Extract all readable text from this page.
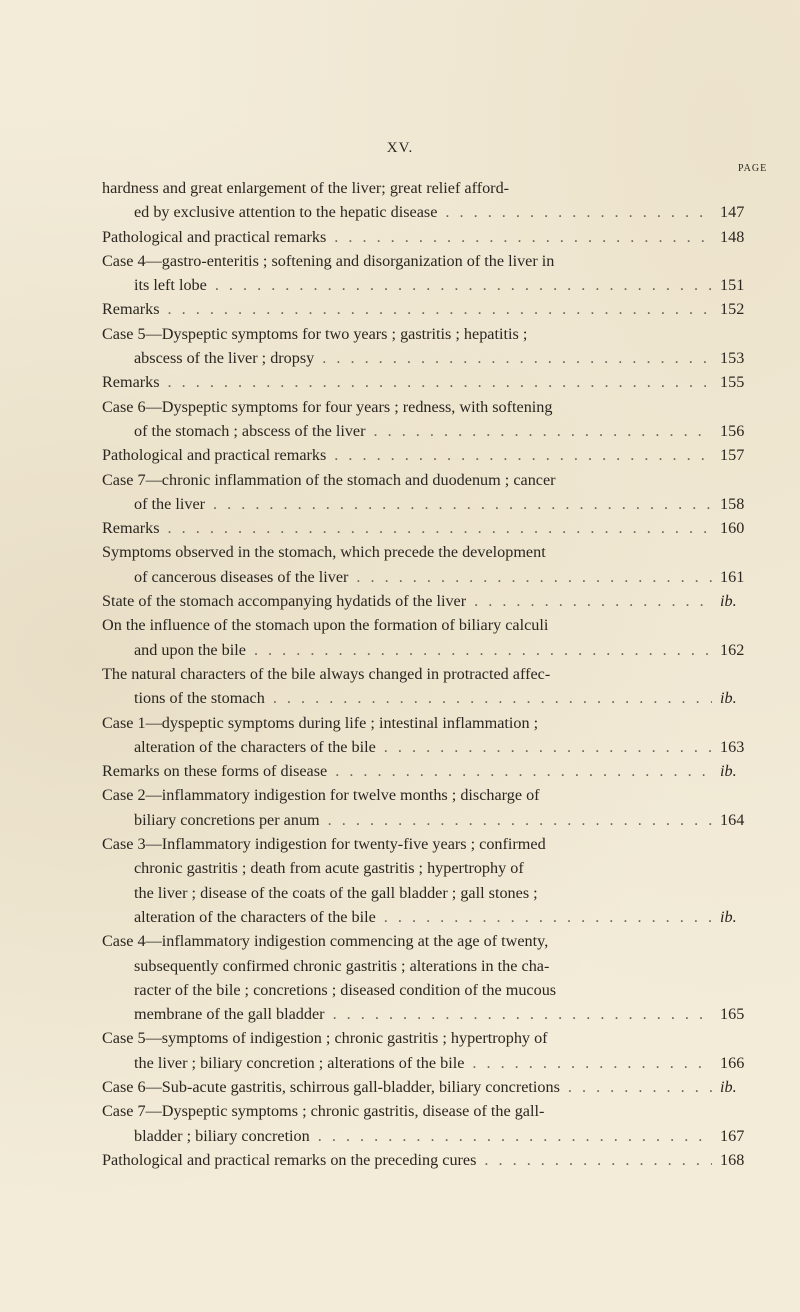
XV.
PAGE
hardness and great enlargement of the liver; great relief afford-
ed by exclusive attention to the hepatic disease . . .	147
Pathological and practical remarks . . .	148
Case 4—gastro-enteritis ; softening and disorganization of the liver in
its left lobe . . .	151
Remarks . . .	152
Case 5—Dyspeptic symptoms for two years ; gastritis ; hepatitis ;
abscess of the liver ; dropsy . . .	153
Remarks . . .	155
Case 6—Dyspeptic symptoms for four years ; redness, with softening
of the stomach ; abscess of the liver . . .	156
Pathological and practical remarks . . .	157
Case 7—chronic inflammation of the stomach and duodenum ; cancer
of the liver . . .	158
Remarks . . .	160
Symptoms observed in the stomach, which precede the development
of cancerous diseases of the liver . . .	161
State of the stomach accompanying hydatids of the liver . . .	ib.
On the influence of the stomach upon the formation of biliary calculi
and upon the bile . . .	162
The natural characters of the bile always changed in protracted affec-
tions of the stomach . . .	ib.
Case 1—dyspeptic symptoms during life ; intestinal inflammation ;
alteration of the characters of the bile . . .	163
Remarks on these forms of disease . . .	ib.
Case 2—inflammatory indigestion for twelve months ; discharge of
biliary concretions per anum . . .	164
Case 3—Inflammatory indigestion for twenty-five years ; confirmed
chronic gastritis ; death from acute gastritis ; hypertrophy of
the liver ; disease of the coats of the gall bladder ; gall stones ;
alteration of the characters of the bile . . .	ib.
Case 4—inflammatory indigestion commencing at the age of twenty,
subsequently confirmed chronic gastritis ; alterations in the cha-
racter of the bile ; concretions ; diseased condition of the mucous
membrane of the gall bladder . . .	165
Case 5—symptoms of indigestion ; chronic gastritis ; hypertrophy of
the liver ; biliary concretion ; alterations of the bile . . .	166
Case 6—Sub-acute gastritis, schirrous gall-bladder, biliary concretions . . .	ib.
Case 7—Dyspeptic symptoms ; chronic gastritis, disease of the gall-
bladder ; biliary concretion . . .	167
Pathological and practical remarks on the preceding cures . . .	168
